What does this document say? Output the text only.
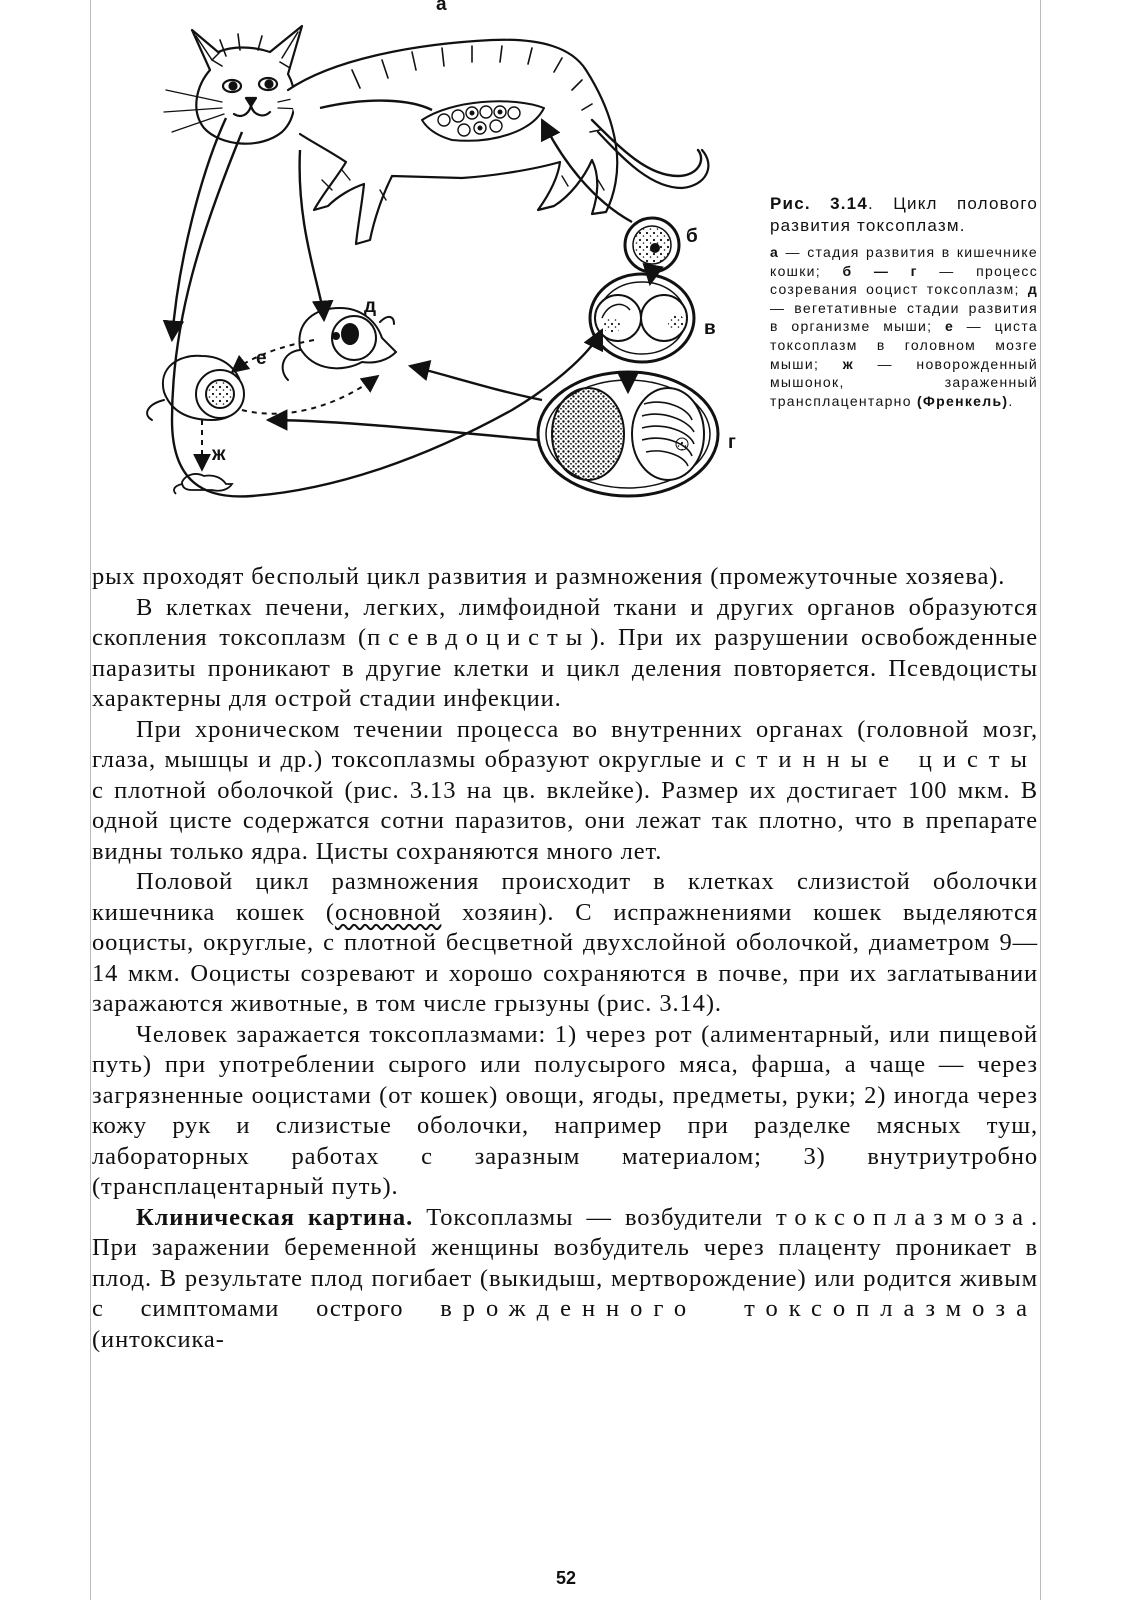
а
б
в
г
д
е
ж
Рис. 3.14. Цикл полового развития токсоплазм.
а — стадия развития в кишечнике кошки; б — г — процесс созревания ооцист токсоплазм; д — вегетативные стадии развития в организме мыши; е — циста токсоплазм в головном мозге мыши; ж — новорожденный мышонок, зараженный трансплацентарно (Френкель).

рых проходят бесполый цикл развития и размножения (промежуточные хозяева).

В клетках печени, легких, лимфоидной ткани и других органов образуются скопления токсоплазм (псевдоцисты). При их разрушении освобожденные паразиты проникают в другие клетки и цикл деления повторяется. Псевдоцисты характерны для острой стадии инфекции.

При хроническом течении процесса во внутренних органах (головной мозг, глаза, мышцы и др.) токсоплазмы образуют округлые истинные цисты с плотной оболочкой (рис. 3.13 на цв. вклейке). Размер их достигает 100 мкм. В одной цисте содержатся сотни паразитов, они лежат так плотно, что в препарате видны только ядра. Цисты сохраняются много лет.

Половой цикл размножения происходит в клетках слизистой оболочки кишечника кошек (основной хозяин). С испражнениями кошек выделяются ооцисты, округлые, с плотной бесцветной двухслойной оболочкой, диаметром 9—14 мкм. Ооцисты созревают и хорошо сохраняются в почве, при их заглатывании заражаются животные, в том числе грызуны (рис. 3.14).

Человек заражается токсоплазмами: 1) через рот (алиментарный, или пищевой путь) при употреблении сырого или полусырого мяса, фарша, а чаще — через загрязненные ооцистами (от кошек) овощи, ягоды, предметы, руки; 2) иногда через кожу рук и слизистые оболочки, например при разделке мясных туш, лабораторных работах с заразным материалом; 3) внутриутробно (трансплацентарный путь).

Клиническая картина. Токсоплазмы — возбудители токсоплазмоза. При заражении беременной женщины возбудитель через плаценту проникает в плод. В результате плод погибает (выкидыш, мертворождение) или родится живым с симптомами острого врожденного токсоплазмоза (интоксика-

52
